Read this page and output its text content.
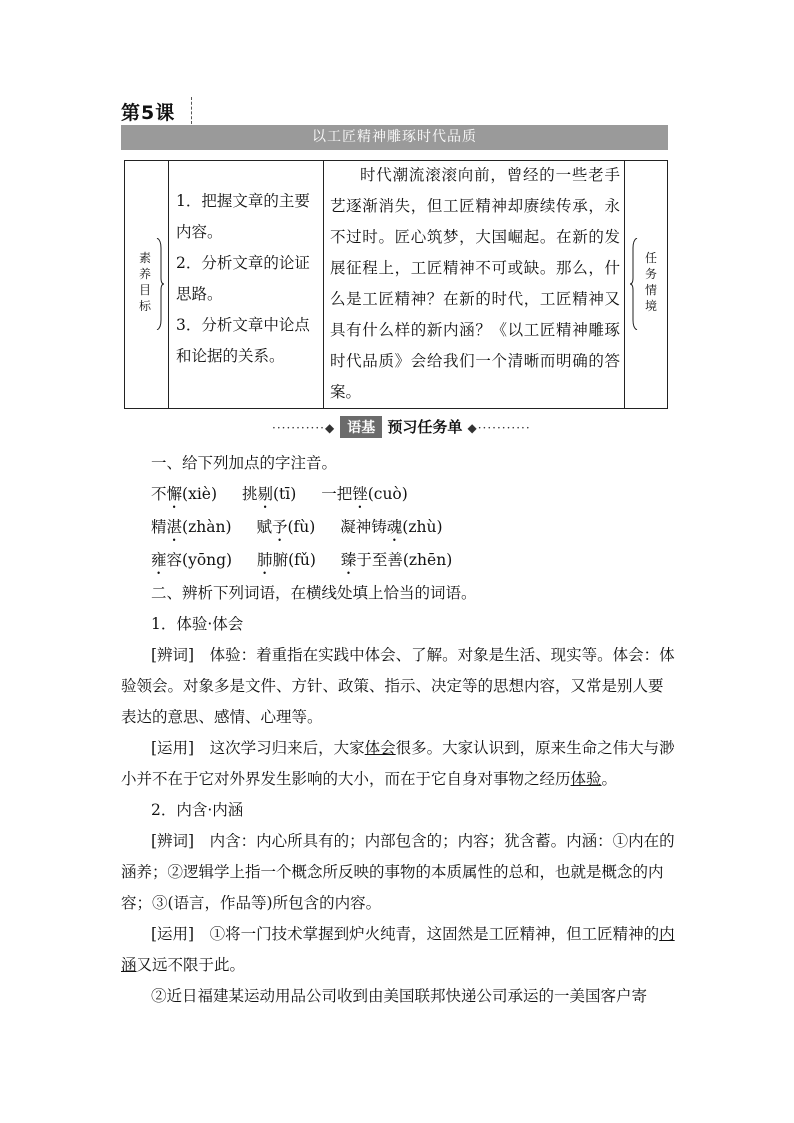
第5课
以工匠精神雕琢时代品质
素养目标

1．把握文章的主要内容。

2．分析文章的论证思路。

3．分析文章中论点和论据的关系。

时代潮流滚滚向前，曾经的一些老手艺逐渐消失，但工匠精神却赓续传承，永不过时。匠心筑梦，大国崛起。在新的发展征程上，工匠精神不可或缺。那么，什么是工匠精神？在新的时代，工匠精神又具有什么样的新内涵？《以工匠精神雕琢时代品质》会给我们一个清晰而明确的答案。

任务情境
···········◆ 语基 预习任务单 ◆···········

一、给下列加点的字注音。

不懈(xiè) 挑剔(tī) 一把锉(cuò)

精湛(zhàn) 赋予(fù) 凝神铸魂(zhù)

雍容(yōng) 肺腑(fǔ) 臻于至善(zhēn)

二、辨析下列词语，在横线处填上恰当的词语。

1．体验·体会

[辨词]　 体验：着重指在实践中体会、了解。对象是生活、现实等。体会：体验领会。对象多是文件、方针、政策、指示、决定等的思想内容，又常是别人要表达的意思、感情、心理等。

[运用]　 这次学习归来后，大家体会很多。大家认识到，原来生命之伟大与渺小并不在于它对外界发生影响的大小，而在于它自身对事物之经历体验。

2．内含·内涵

[辨词]　 内含：内心所具有的；内部包含的；内容；犹含蓄。内涵：①内在的涵养；②逻辑学上指一个概念所反映的事物的本质属性的总和，也就是概念的内容；③(语言，作品等)所包含的内容。

[运用]　 ①将一门技术掌握到炉火纯青，这固然是工匠精神，但工匠精神的内涵又远不限于此。

②近日福建某运动用品公司收到由美国联邦快递公司承运的一美国客户寄
